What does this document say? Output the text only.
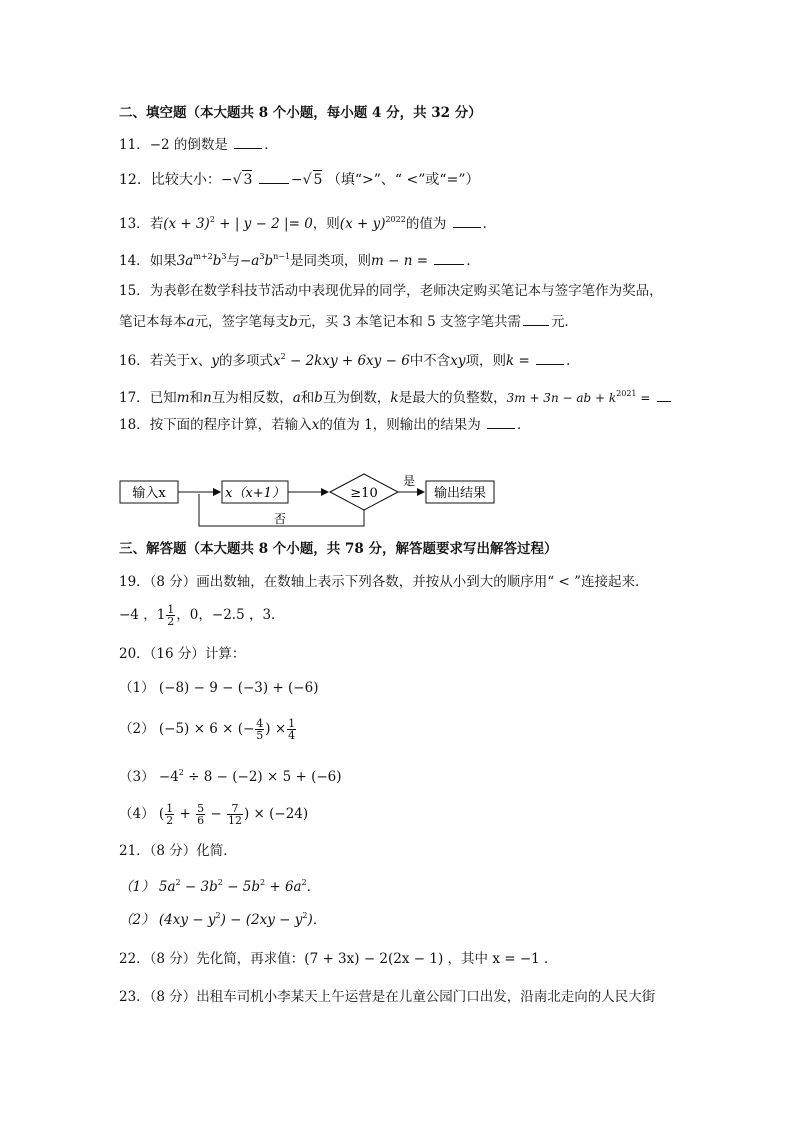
二、填空题（本大题共 8 个小题，每小题 4 分，共 32 分）
11．−2 的倒数是	．
12．比较大小：−√ 3	−√ 5 （填“>”、“ <”或“=”）
13．若$(x + 3)^2$ + | y − 2 |= 0，则$(x + y)^{2022}$的值为	．
14．如果$3a^{m+2}b^3$与$-a^3b^{n-1}$是同类项，则m − n =	．
15．为表彰在数学科技节活动中表现优异的同学，老师决定购买笔记本与签字笔作为奖品，
笔记本每本a元，签字笔每支b元，买 3 本笔记本和 5 支签字笔共需 元．
16．若关于x、y的多项式$x^2 - 2kxy + 6xy - 6$中不含xy项，则k =	．
17．已知m和n互为相反数，a和b互为倒数，k是最大的负整数，3m + 3n − ab + $k^{2021}$ =
18．按下面的程序计算，若输入x的值为 1，则输出的结果为	．
输入x	x（x+1）	≥10
是
输出结果
否
三、解答题（本大题共 8 个小题，共 78 分，解答题要求写出解答过程）
19．（8 分）画出数轴，在数轴上表示下列各数，并按从小到大的顺序用“ < ”连接起来．
−4 ，$1 \frac{1}{2}$ ，0，−2.5 ，3．
20．（16 分）计算：
（1） (−8) − 9 − (−3) + (−6)
（2） (−5) × 6 × (− $\frac{4}{5}$ ) × $\frac{1}{4}$
$(3) -4^2 \div 8 - (-2) \times 5 + (-6)$
（4） ( $\frac{1}{2} + \frac{5}{6} - \frac{7}{12}$ ) × (−24)
21．（8 分）化简．
（1） $5a^2 - 3b^2 - 5b^2 + 6a^2$．
（2） $(4xy - y^2) - (2xy - y^2)$．
22．（8 分）先化简，再求值：(7 + 3x) − 2(2x − 1) ，其中 x = −1 ．
23．（8 分）出租车司机小李某天上午运营是在儿童公园门口出发，沿南北走向的人民大街
